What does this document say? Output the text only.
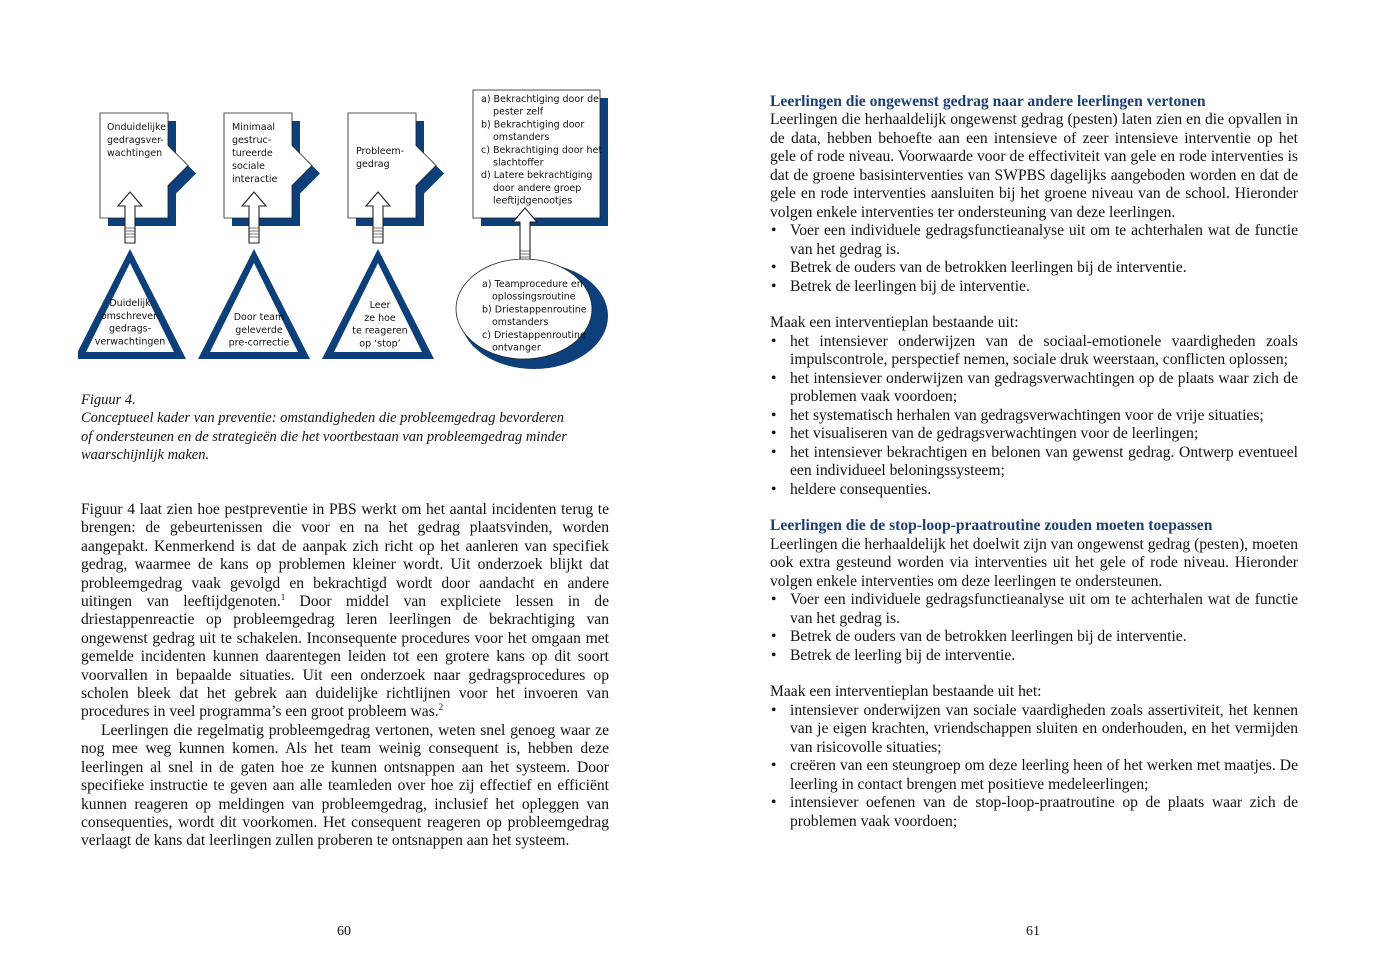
Onduidelijke
gedragsver-
wachtingen
Minimaal
gestruc-
tureerde
sociale
interactie
Probleem-
gedrag
a) Bekrachtiging door de
pester zelf
b) Bekrachtiging door
omstanders
c) Bekrachtiging door het
slachtoffer
d) Latere bekrachtiging
door andere groep
leeftijdgenootjes
Duidelijk
omschreven
gedrags-
verwachtingen
Door team
geleverde
pre-correctie
Leer
ze hoe
te reageren
op ‘stop’
a) Teamprocedure en
oplossingsroutine
b) Driestappenroutine
omstanders
c) Driestappenroutine
ontvanger
Figuur 4.
Conceptueel kader van preventie: omstandigheden die probleemgedrag bevorderen
of ondersteunen en de strategieën die het voortbestaan van probleemgedrag minder
waarschijnlijk maken.

Figuur 4 laat zien hoe pestpreventie in PBS werkt om het aantal incidenten terug te brengen: de gebeurtenissen die voor en na het gedrag plaatsvinden, worden aangepakt. Kenmerkend is dat de aanpak zich richt op het aanleren van specifiek gedrag, waarmee de kans op problemen kleiner wordt. Uit onderzoek blijkt dat probleemgedrag vaak gevolgd en bekrachtigd wordt door aandacht en andere uitingen van leeftijdgenoten.$^1$ Door middel van expliciete lessen in de driestappenreactie op probleemgedrag leren leerlingen de bekrachtiging van ongewenst gedrag uit te schakelen. Inconsequente procedures voor het omgaan met gemelde incidenten kunnen daarentegen leiden tot een grotere kans op dit soort voorvallen in bepaalde situaties. Uit een onderzoek naar gedragsprocedures op scholen bleek dat het gebrek aan duidelijke richtlijnen voor het invoeren van procedures in veel programma’s een groot probleem was.$^2$

Leerlingen die regelmatig probleemgedrag vertonen, weten snel genoeg waar ze nog mee weg kunnen komen. Als het team weinig consequent is, hebben deze leerlingen al snel in de gaten hoe ze kunnen ontsnappen aan het systeem. Door specifieke instructie te geven aan alle teamleden over hoe zij effectief en efficiënt kunnen reageren op meldingen van probleemgedrag, inclusief het opleggen van consequenties, wordt dit voorkomen. Het consequent reageren op probleemgedrag verlaagt de kans dat leerlingen zullen proberen te ontsnappen aan het systeem.

60
Leerlingen die ongewenst gedrag naar andere leerlingen vertonen

Leerlingen die herhaaldelijk ongewenst gedrag (pesten) laten zien en die opvallen in de data, hebben behoefte aan een intensieve of zeer intensieve interventie op het gele of rode niveau. Voorwaarde voor de effectiviteit van gele en rode interventies is dat de groene basisinterventies van SWPBS dagelijks aangeboden worden en dat de gele en rode interventies aansluiten bij het groene niveau van de school. Hieronder volgen enkele interventies ter ondersteuning van deze leerlingen.

• Voer een individuele gedragsfunctieanalyse uit om te achterhalen wat de functie van het gedrag is.
• Betrek de ouders van de betrokken leerlingen bij de interventie.
• Betrek de leerlingen bij de interventie.

Maak een interventieplan bestaande uit:

• het intensiever onderwijzen van de sociaal-emotionele vaardigheden zoals impulscontrole, perspectief nemen, sociale druk weerstaan, conflicten oplossen;
• het intensiever onderwijzen van gedragsverwachtingen op de plaats waar zich de problemen vaak voordoen;
• het systematisch herhalen van gedragsverwachtingen voor de vrije situaties;
• het visualiseren van de gedragsverwachtingen voor de leerlingen;
• het intensiever bekrachtigen en belonen van gewenst gedrag. Ontwerp eventueel een individueel beloningssysteem;
• heldere consequenties.
Leerlingen die de stop-loop-praatroutine zouden moeten toepassen

Leerlingen die herhaaldelijk het doelwit zijn van ongewenst gedrag (pesten), moeten ook extra gesteund worden via interventies uit het gele of rode niveau. Hieronder volgen enkele interventies om deze leerlingen te ondersteunen.

• Voer een individuele gedragsfunctieanalyse uit om te achterhalen wat de functie van het gedrag is.
• Betrek de ouders van de betrokken leerlingen bij de interventie.
• Betrek de leerling bij de interventie.

Maak een interventieplan bestaande uit het:

• intensiever onderwijzen van sociale vaardigheden zoals assertiviteit, het kennen van je eigen krachten, vriendschappen sluiten en onderhouden, en het vermijden van risicovolle situaties;
• creëren van een steungroep om deze leerling heen of het werken met maatjes. De leerling in contact brengen met positieve medeleerlingen;
• intensiever oefenen van de stop-loop-praatroutine op de plaats waar zich de problemen vaak voordoen;
61
